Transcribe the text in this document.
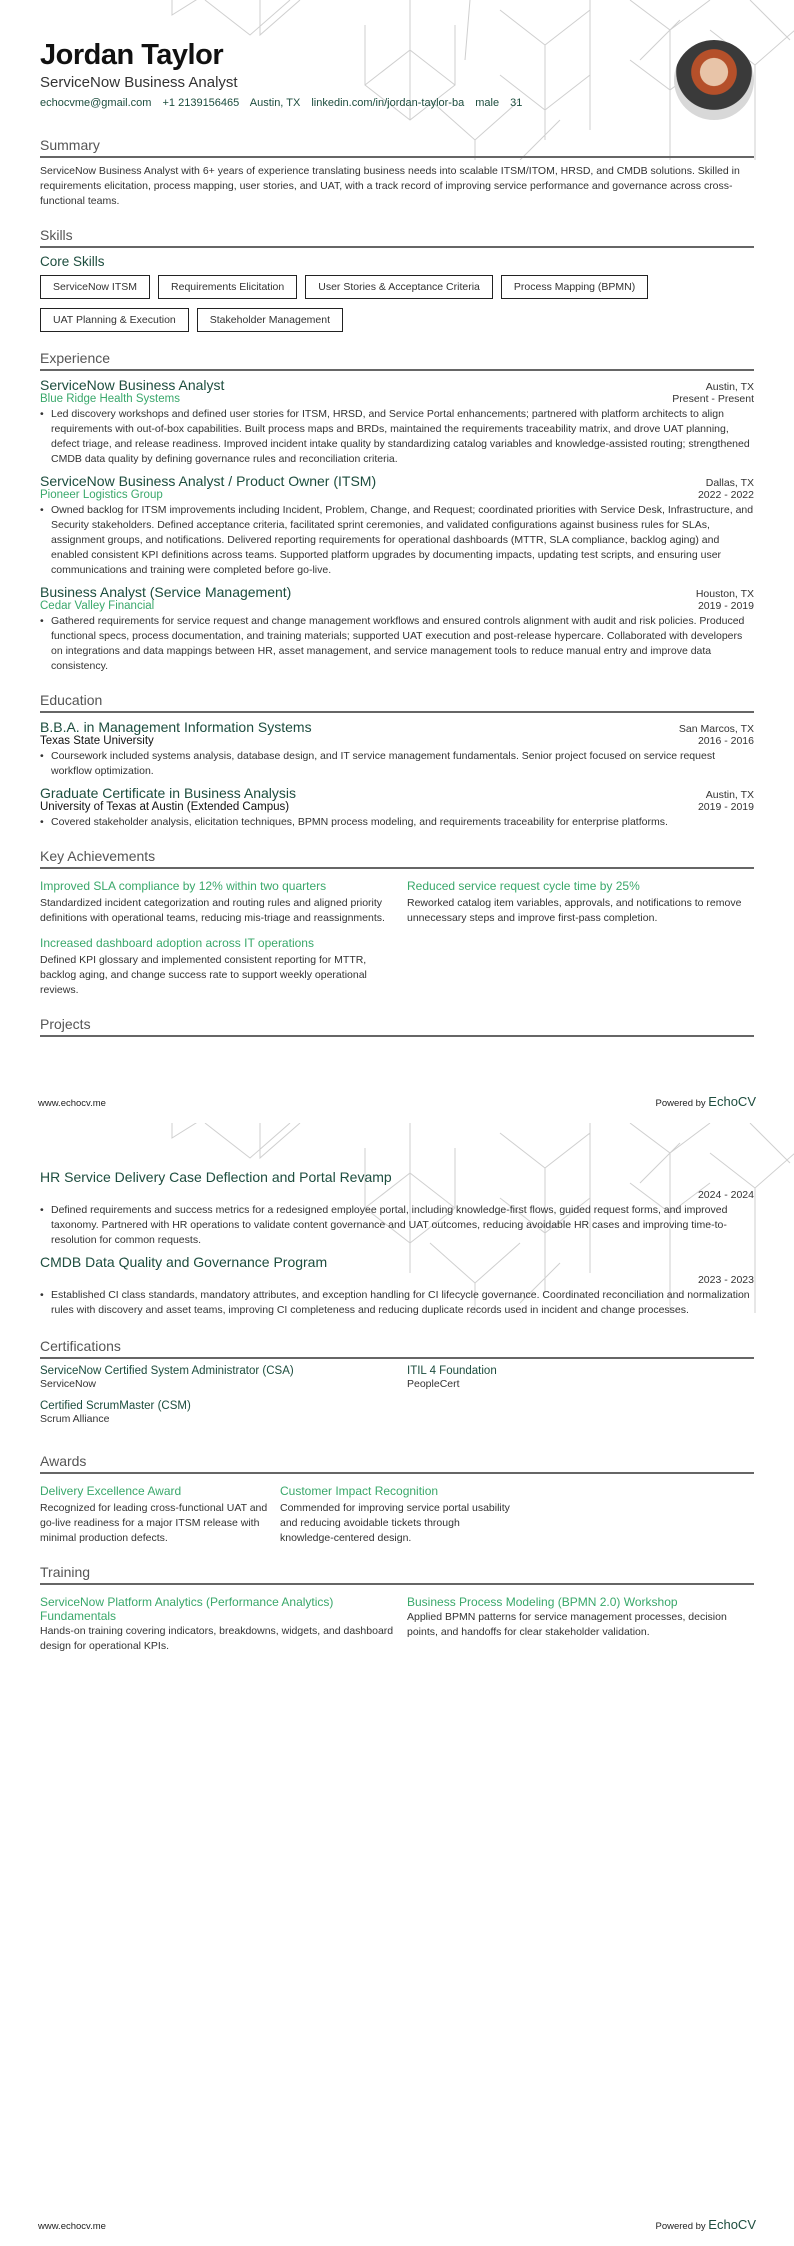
Jordan Taylor
ServiceNow Business Analyst
echocvme@gmail.com +1 2139156465 Austin, TX linkedin.com/in/jordan-taylor-ba male 31
Summary

ServiceNow Business Analyst with 6+ years of experience translating business needs into scalable ITSM/ITOM, HRSD, and CMDB solutions. Skilled in requirements elicitation, process mapping, user stories, and UAT, with a track record of improving service performance and governance across cross-functional teams.

Skills
Core Skills
ServiceNow ITSM	Requirements Elicitation	User Stories & Acceptance Criteria	Process Mapping (BPMN)
UAT Planning & Execution	Stakeholder Management
Experience
ServiceNow Business Analyst	Austin, TX
Blue Ridge Health Systems	Present - Present
• Led discovery workshops and defined user stories for ITSM, HRSD, and Service Portal enhancements; partnered with platform architects to align requirements with out-of-box capabilities. Built process maps and BRDs, maintained the requirements traceability matrix, and drove UAT planning, defect triage, and release readiness. Improved incident intake quality by standardizing catalog variables and knowledge-assisted routing; strengthened CMDB data quality by defining governance rules and reconciliation criteria.
ServiceNow Business Analyst / Product Owner (ITSM)	Dallas, TX
Pioneer Logistics Group	2022 - 2022
• Owned backlog for ITSM improvements including Incident, Problem, Change, and Request; coordinated priorities with Service Desk, Infrastructure, and Security stakeholders. Defined acceptance criteria, facilitated sprint ceremonies, and validated configurations against business rules for SLAs, assignment groups, and notifications. Delivered reporting requirements for operational dashboards (MTTR, SLA compliance, backlog aging) and enabled consistent KPI definitions across teams. Supported platform upgrades by documenting impacts, updating test scripts, and ensuring user communications and training were completed before go-live.
Business Analyst (Service Management)	Houston, TX
Cedar Valley Financial	2019 - 2019
• Gathered requirements for service request and change management workflows and ensured controls alignment with audit and risk policies. Produced functional specs, process documentation, and training materials; supported UAT execution and post-release hypercare. Collaborated with developers on integrations and data mappings between HR, asset management, and service management tools to reduce manual entry and improve data consistency.
Education
B.B.A. in Management Information Systems	San Marcos, TX
Texas State University	2016 - 2016
• Coursework included systems analysis, database design, and IT service management fundamentals. Senior project focused on service request workflow optimization.
Graduate Certificate in Business Analysis	Austin, TX
University of Texas at Austin (Extended Campus)	2019 - 2019
• Covered stakeholder analysis, elicitation techniques, BPMN process modeling, and requirements traceability for enterprise platforms.
Key Achievements
Improved SLA compliance by 12% within two quarters

Standardized incident categorization and routing rules and aligned priority definitions with operational teams, reducing mis-triage and reassignments.

Reduced service request cycle time by 25%

Reworked catalog item variables, approvals, and notifications to remove unnecessary steps and improve first-pass completion.

Increased dashboard adoption across IT operations

Defined KPI glossary and implemented consistent reporting for MTTR, backlog aging, and change success rate to support weekly operational reviews.

Projects
www.echocv.me	Powered by EchoCV
HR Service Delivery Case Deflection and Portal Revamp
2024 - 2024
• Defined requirements and success metrics for a redesigned employee portal, including knowledge-first flows, guided request forms, and improved taxonomy. Partnered with HR operations to validate content governance and UAT outcomes, reducing avoidable HR cases and improving time-to-resolution for common requests.
CMDB Data Quality and Governance Program
2023 - 2023
• Established CI class standards, mandatory attributes, and exception handling for CI lifecycle governance. Coordinated reconciliation and normalization rules with discovery and asset teams, improving CI completeness and reducing duplicate records used in incident and change processes.
Certifications
ServiceNow Certified System Administrator (CSA)

ServiceNow

ITIL 4 Foundation

PeopleCert

Certified ScrumMaster (CSM)

Scrum Alliance

Awards
Delivery Excellence Award

Recognized for leading cross-functional UAT and go-live readiness for a major ITSM release with minimal production defects.

Customer Impact Recognition

Commended for improving service portal usability and reducing avoidable tickets through knowledge-centered design.

Training
ServiceNow Platform Analytics (Performance Analytics) Fundamentals

Hands-on training covering indicators, breakdowns, widgets, and dashboard design for operational KPIs.

Business Process Modeling (BPMN 2.0) Workshop

Applied BPMN patterns for service management processes, decision points, and handoffs for clear stakeholder validation.

www.echocv.me	Powered by EchoCV
